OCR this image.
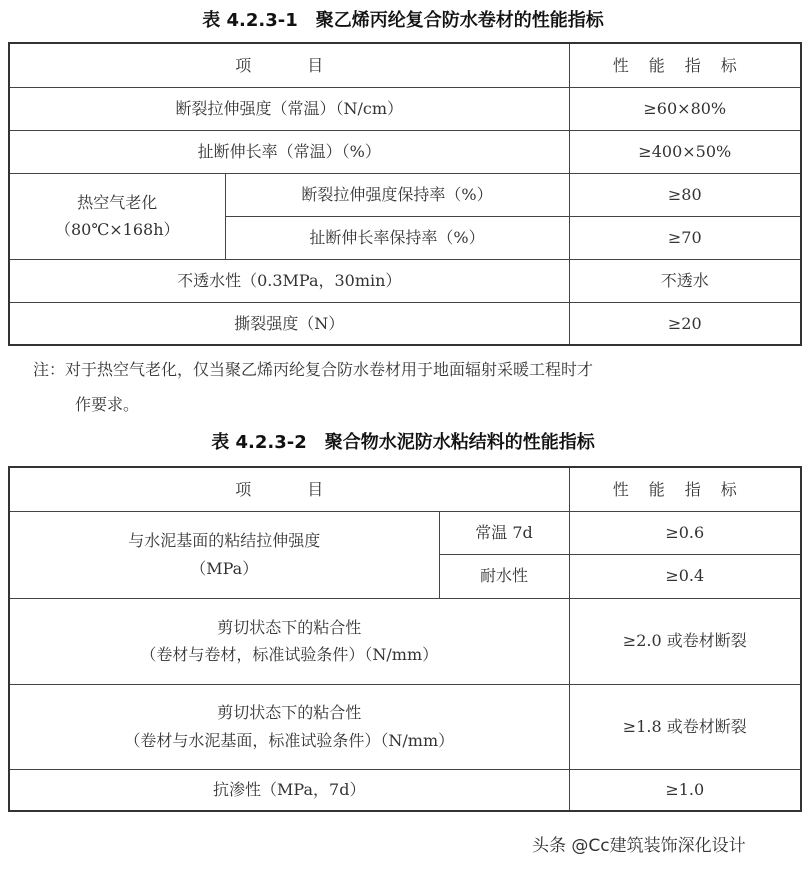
表 4.2.3-1　聚乙烯丙纶复合防水卷材的性能指标
项　目		性能指标
断裂拉伸强度（常温）（N/cm）		≥60×80%
扯断伸长率（常温）（%）		≥400×50%

热空气老化
（80℃×168h）	断裂拉伸强度保持率（%）	≥80
	扯断伸长率保持率（%）	≥70
不透水性（0.3MPa，30min）		不透水
撕裂强度（N）		≥20
注：对于热空气老化，仅当聚乙烯丙纶复合防水卷材用于地面辐射采暖工程时才
作要求。
表 4.2.3-2　聚合物水泥防水粘结料的性能指标
项　目		性能指标

与水泥基面的粘结拉伸强度
（MPa）	常温 7d	≥0.6
	耐水性	≥0.4

剪切状态下的粘合性
（卷材与卷材，标准试验条件）（N/mm）		≥2.0 或卷材断裂

剪切状态下的粘合性
（卷材与水泥基面，标准试验条件）（N/mm）		≥1.8 或卷材断裂
抗渗性（MPa，7d）		≥1.0
头条 @Cc建筑装饰深化设计
